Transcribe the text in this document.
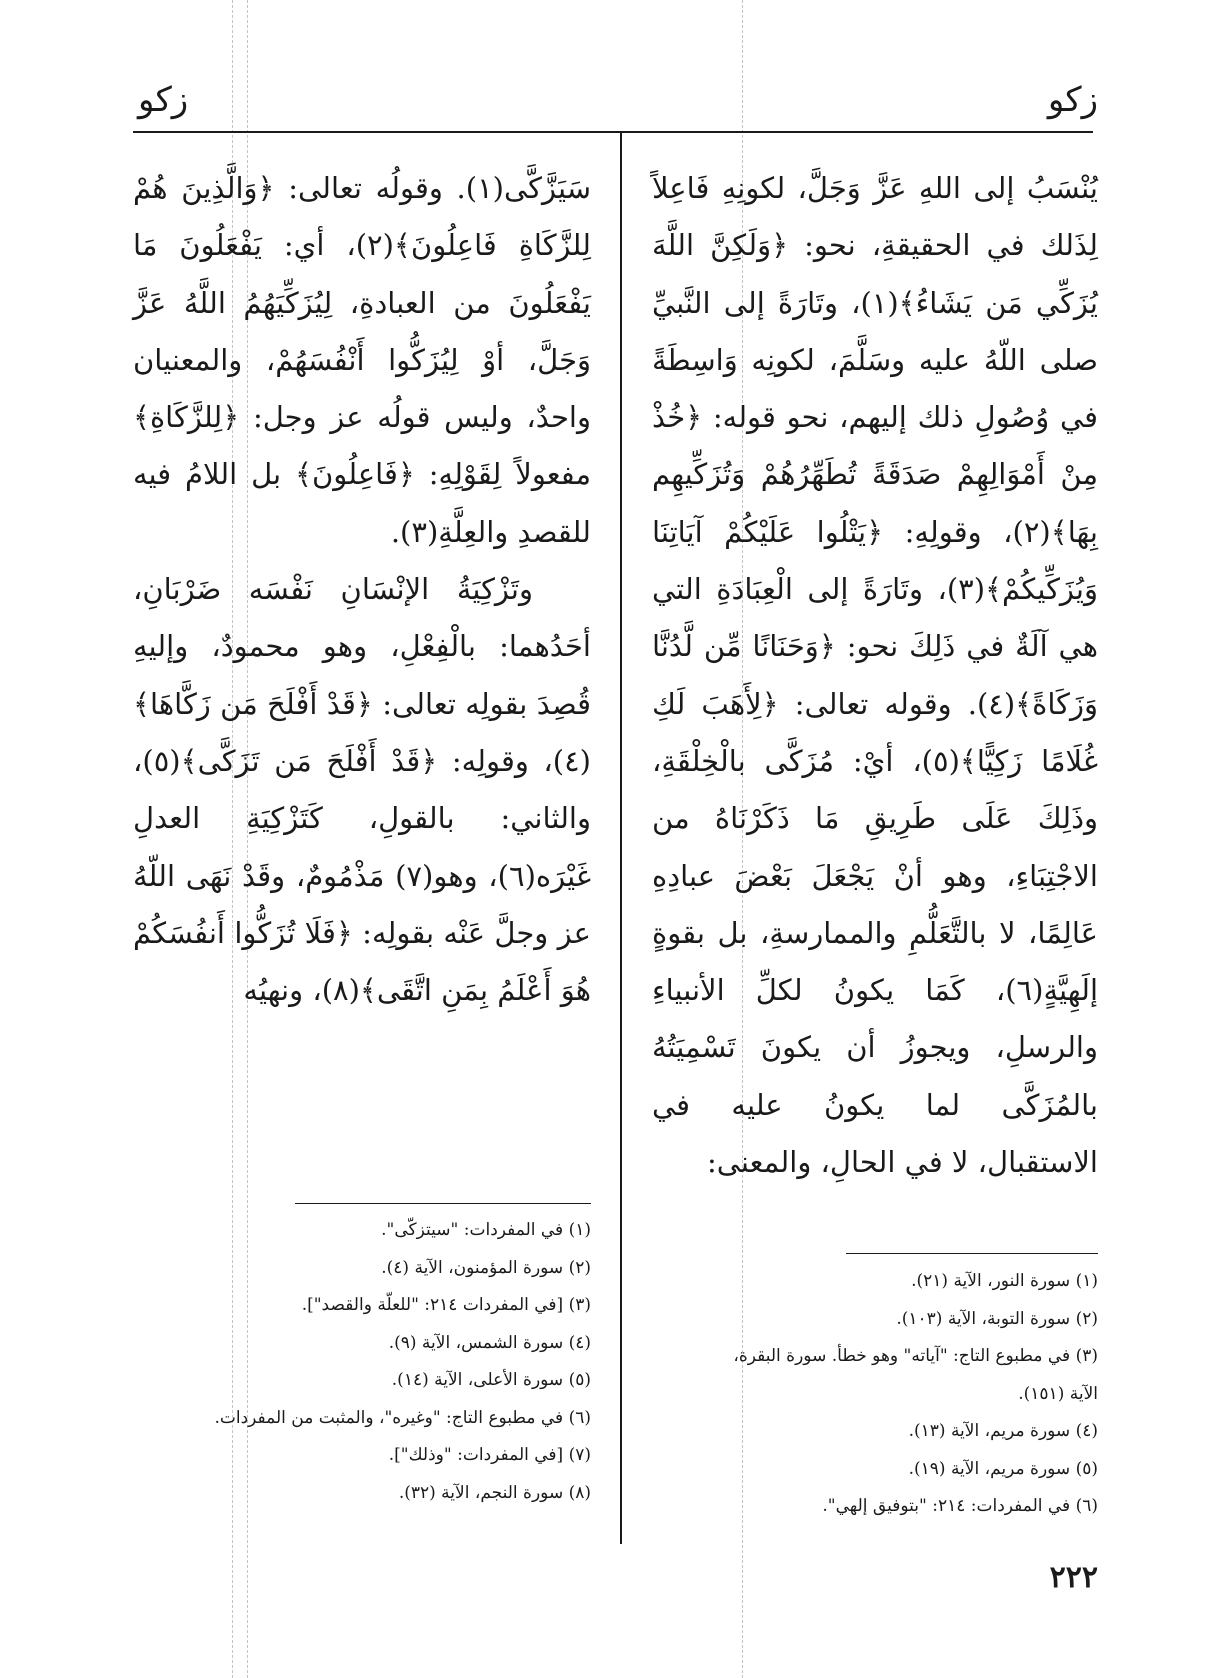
زكو
زكو

يُنْسَبُ إلى اللهِ عَزَّ وَجَلَّ، لكونِهِ فَاعِلاً لِذَلك في الحقيقةِ، نحو: ﴿وَلَكِنَّ اللَّهَ يُزَكِّي مَن يَشَاءُ﴾(١)، وتَارَةً إلى النَّبيِّ صلى اللّهُ عليه وسَلَّمَ، لكونِه وَاسِطَةً في وُصُولِ ذلك إليهم، نحو قوله: ﴿خُذْ مِنْ أَمْوَالِهِمْ صَدَقَةً تُطَهِّرُهُمْ وَتُزَكِّيهِم بِهَا﴾(٢)، وقولِهِ: ﴿يَتْلُوا عَلَيْكُمْ آيَاتِنَا وَيُزَكِّيكُمْ﴾(٣)، وتَارَةً إلى الْعِبَادَةِ التي هي آلَةٌ في ذَلِكَ نحو: ﴿وَحَنَانًا مِّن لَّدُنَّا وَزَكَاةً﴾(٤). وقوله تعالى: ﴿لِأَهَبَ لَكِ غُلَامًا زَكِيًّا﴾(٥)، أيْ: مُزَكَّى بالْخِلْقَةِ، وذَلِكَ عَلَى طَرِيقِ مَا ذَكَرْنَاهُ من الاجْتِبَاءِ، وهو أنْ يَجْعَلَ بَعْضَ عبادِهِ عَالِمًا، لا بالتَّعَلُّمِ والممارسةِ، بل بقوةٍ إلَهِيَّةٍ(٦)، كَمَا يكونُ لكلِّ الأنبياءِ والرسلِ، ويجوزُ أن يكونَ تَسْمِيَتُهُ بالمُزَكَّى لما يكونُ عليه في الاستقبال، لا في الحالِ، والمعنى:

سَيَزَّكَّى(١). وقولُه تعالى: ﴿وَالَّذِينَ هُمْ لِلزَّكَاةِ فَاعِلُونَ﴾(٢)، أي: يَفْعَلُونَ مَا يَفْعَلُونَ من العبادةِ، لِيُزَكِّيَهُمُ اللَّهُ عَزَّ وَجَلَّ، أوْ لِيُزَكُّوا أَنْفُسَهُمْ، والمعنيان واحدٌ، وليس قولُه عز وجل: ﴿لِلزَّكَاةِ﴾ مفعولاً لِقَوْلِهِ: ﴿فَاعِلُونَ﴾ بل اللامُ فيه للقصدِ والعِلَّةِ(٣).

وتَزْكِيَةُ الإنْسَانِ نَفْسَه ضَرْبَانِ، أحَدُهما: بالْفِعْلِ، وهو محمودٌ، وإليهِ قُصِدَ بقولِه تعالى: ﴿قَدْ أَفْلَحَ مَن زَكَّاهَا﴾(٤)، وقولِه: ﴿قَدْ أَفْلَحَ مَن تَزَكَّى﴾(٥)، والثاني: بالقولِ، كَتَزْكِيَةِ العدلِ غَيْرَه(٦)، وهو(٧) مَذْمُومٌ، وقَدْ نَهَى اللّهُ عز وجلَّ عَنْه بقولِه: ﴿فَلَا تُزَكُّوا أَنفُسَكُمْ هُوَ أَعْلَمُ بِمَنِ اتَّقَى﴾(٨)، ونهيُه

(١) سورة النور، الآية (٢١).
(٢) سورة التوبة، الآية (١٠٣).
(٣) في مطبوع التاج: "آياته" وهو خطأ. سورة البقرة،
الآية (١٥١).
(٤) سورة مريم، الآية (١٣).
(٥) سورة مريم، الآية (١٩).
(٦) في المفردات: ٢١٤: "بتوفيق إلهي".
(١) في المفردات: "سيتزكّى".
(٢) سورة المؤمنون، الآية (٤).
(٣) [في المفردات ٢١٤: "للعلّة والقصد"].
(٤) سورة الشمس، الآية (٩).
(٥) سورة الأعلى، الآية (١٤).
(٦) في مطبوع التاج: "وغيره"، والمثبت من المفردات.
(٧) [في المفردات: "وذلك"].
(٨) سورة النجم، الآية (٣٢).
٢٢٢
